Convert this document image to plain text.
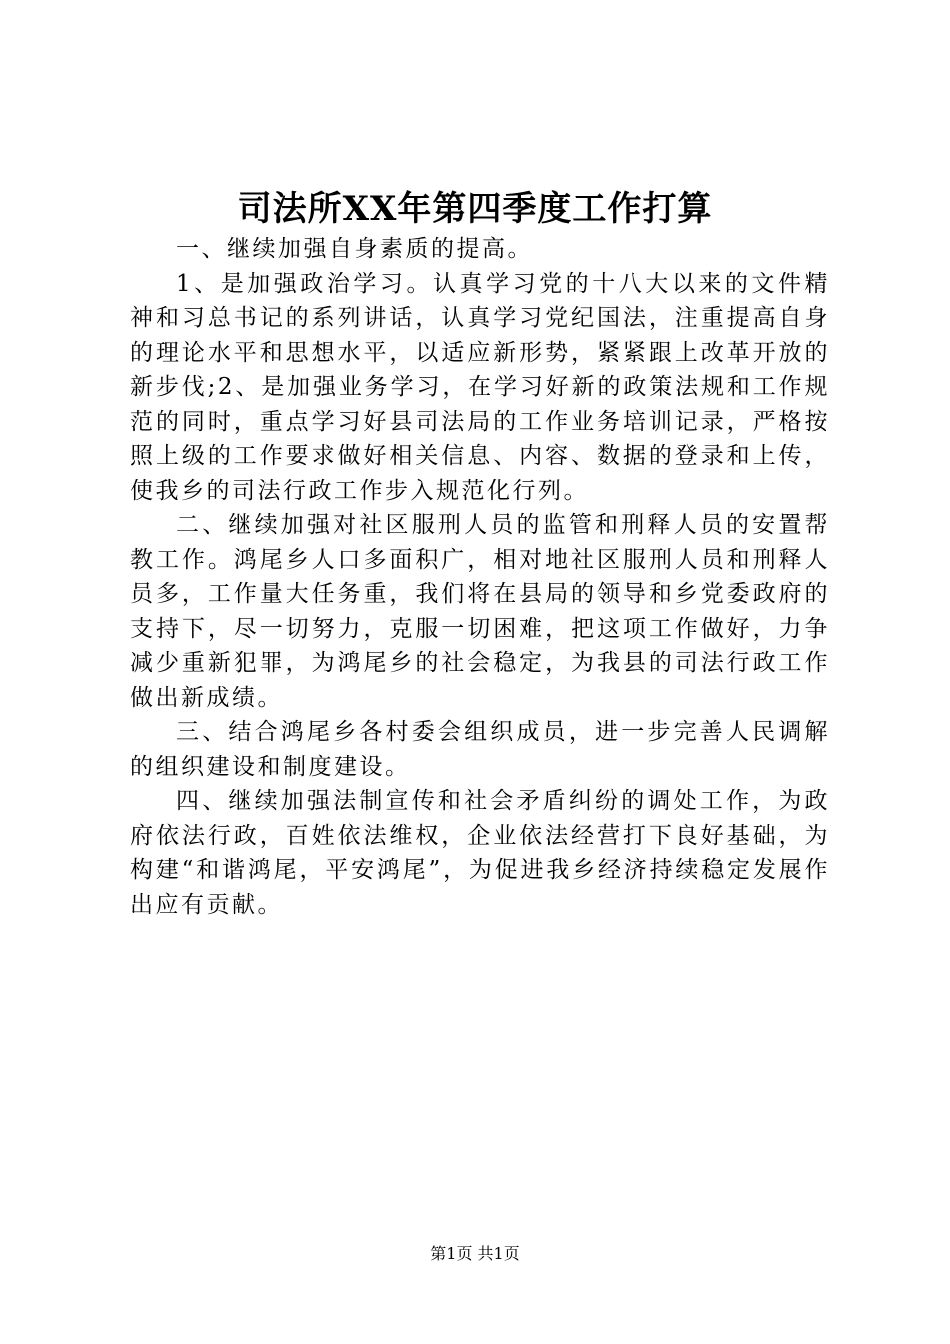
司法所XX年第四季度工作打算

一、继续加强自身素质的提高。

1、是加强政治学习。认真学习党的十八大以来的文件精神和习总书记的系列讲话，认真学习党纪国法，注重提高自身的理论水平和思想水平，以适应新形势，紧紧跟上改革开放的新步伐;2、是加强业务学习，在学习好新的政策法规和工作规范的同时，重点学习好县司法局的工作业务培训记录，严格按照上级的工作要求做好相关信息、内容、数据的登录和上传，使我乡的司法行政工作步入规范化行列。

二、继续加强对社区服刑人员的监管和刑释人员的安置帮教工作。鸿尾乡人口多面积广，相对地社区服刑人员和刑释人员多，工作量大任务重，我们将在县局的领导和乡党委政府的支持下，尽一切努力，克服一切困难，把这项工作做好，力争减少重新犯罪，为鸿尾乡的社会稳定，为我县的司法行政工作做出新成绩。

三、结合鸿尾乡各村委会组织成员，进一步完善人民调解的组织建设和制度建设。

四、继续加强法制宣传和社会矛盾纠纷的调处工作，为政府依法行政，百姓依法维权，企业依法经营打下良好基础，为构建“和谐鸿尾，平安鸿尾”，为促进我乡经济持续稳定发展作出应有贡献。

第1页 共1页
